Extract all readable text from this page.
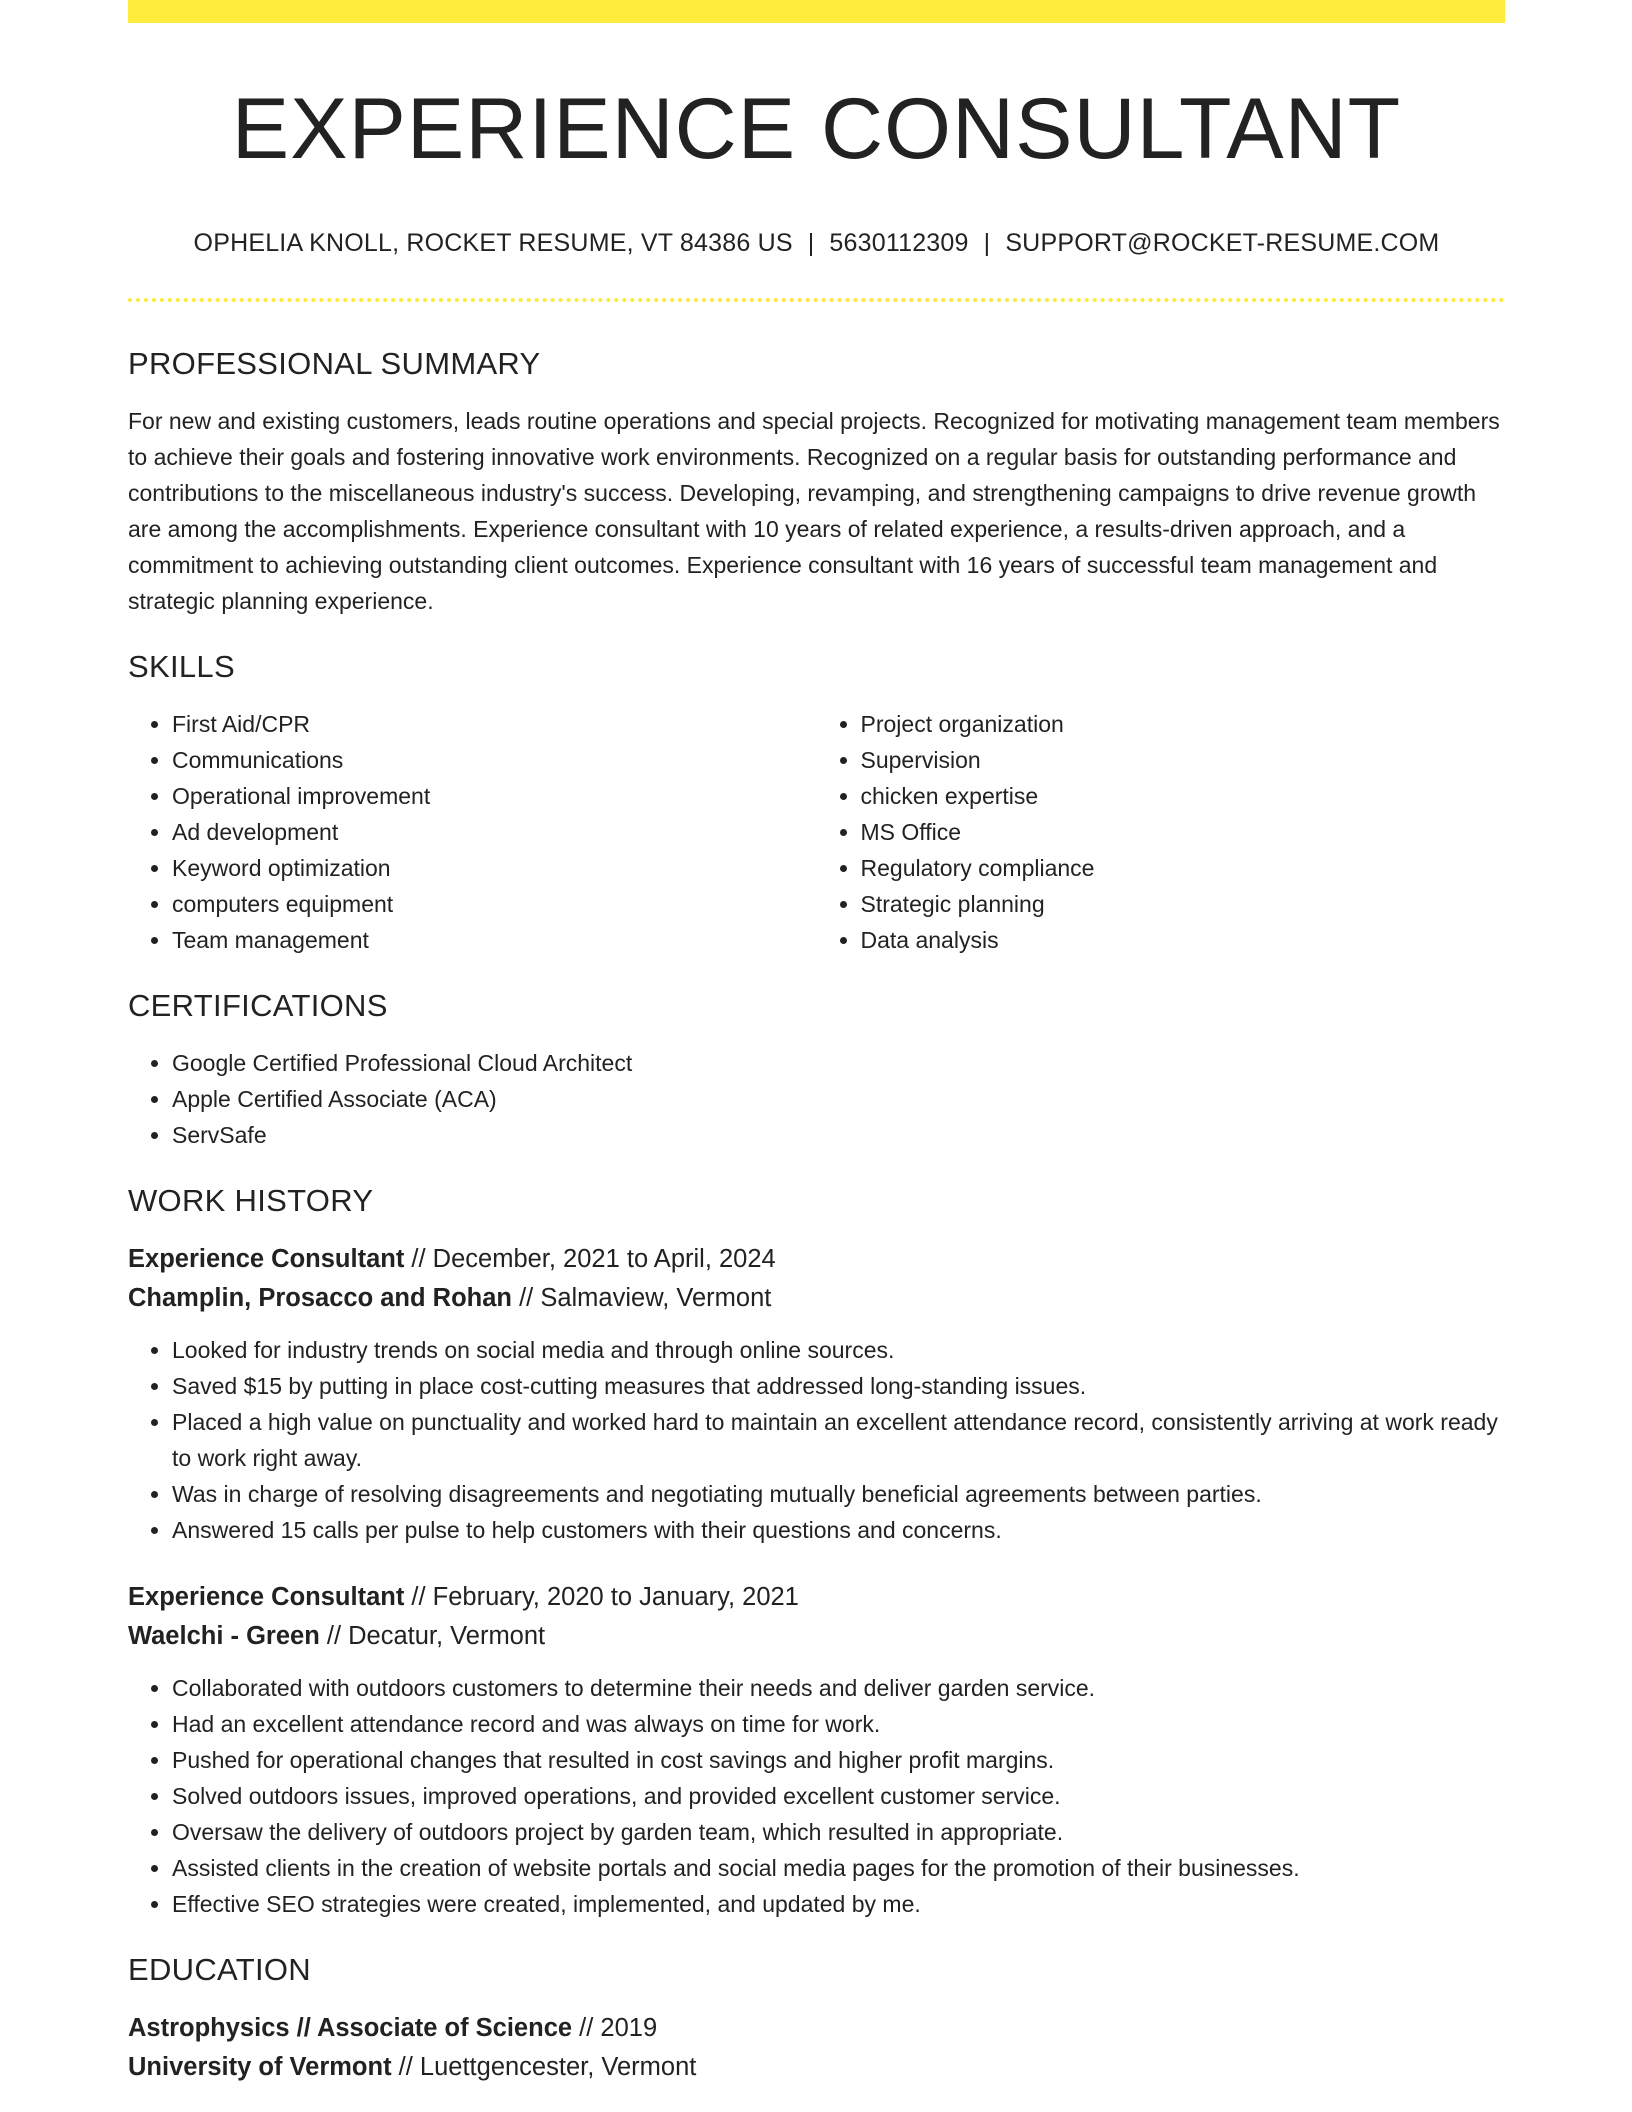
EXPERIENCE CONSULTANT
OPHELIA KNOLL, ROCKET RESUME, VT 84386 US | 5630112309 | SUPPORT@ROCKET-RESUME.COM
PROFESSIONAL SUMMARY

For new and existing customers, leads routine operations and special projects. Recognized for motivating management team members to achieve their goals and fostering innovative work environments. Recognized on a regular basis for outstanding performance and contributions to the miscellaneous industry's success. Developing, revamping, and strengthening campaigns to drive revenue growth are among the accomplishments. Experience consultant with 10 years of related experience, a results-driven approach, and a commitment to achieving outstanding client outcomes. Experience consultant with 16 years of successful team management and strategic planning experience.

SKILLS
• First Aid/CPR
• Communications
• Operational improvement
• Ad development
• Keyword optimization
• computers equipment
• Team management
• Project organization
• Supervision
• chicken expertise
• MS Office
• Regulatory compliance
• Strategic planning
• Data analysis
CERTIFICATIONS
• Google Certified Professional Cloud Architect
• Apple Certified Associate (ACA)
• ServSafe
WORK HISTORY
Experience Consultant // December, 2021 to April, 2024
Champlin, Prosacco and Rohan // Salmaview, Vermont
• Looked for industry trends on social media and through online sources.
• Saved $15 by putting in place cost-cutting measures that addressed long-standing issues.
• Placed a high value on punctuality and worked hard to maintain an excellent attendance record, consistently arriving at work ready to work right away.
• Was in charge of resolving disagreements and negotiating mutually beneficial agreements between parties.
• Answered 15 calls per pulse to help customers with their questions and concerns.
Experience Consultant // February, 2020 to January, 2021
Waelchi - Green // Decatur, Vermont
• Collaborated with outdoors customers to determine their needs and deliver garden service.
• Had an excellent attendance record and was always on time for work.
• Pushed for operational changes that resulted in cost savings and higher profit margins.
• Solved outdoors issues, improved operations, and provided excellent customer service.
• Oversaw the delivery of outdoors project by garden team, which resulted in appropriate.
• Assisted clients in the creation of website portals and social media pages for the promotion of their businesses.
• Effective SEO strategies were created, implemented, and updated by me.
EDUCATION
Astrophysics // Associate of Science // 2019
University of Vermont // Luettgencester, Vermont
